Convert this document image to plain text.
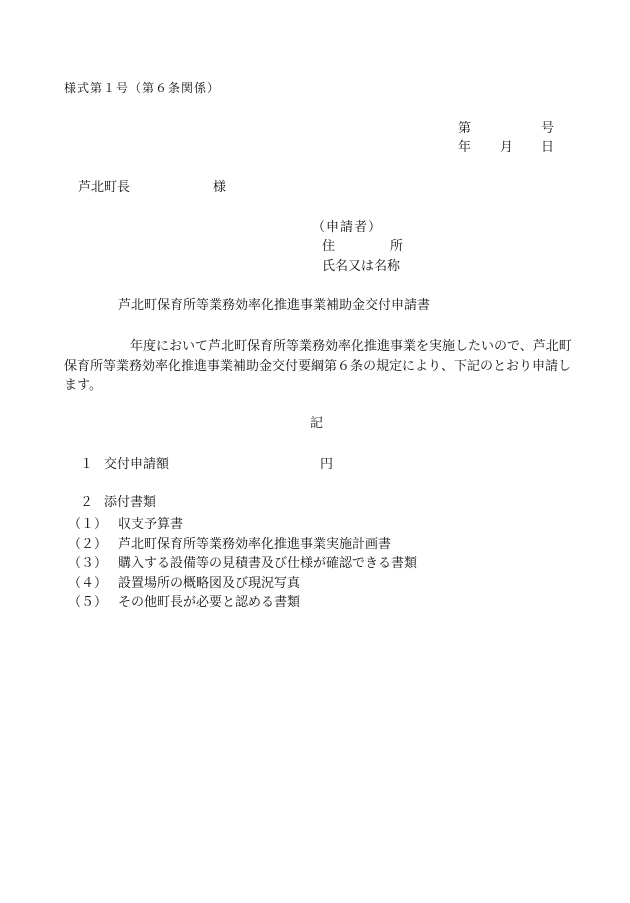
様式第１号（第６条関係）
第	号
年 月 日
芦北町長	様
（申請者）
住	所
氏名又は名称
芦北町保育所等業務効率化推進事業補助金交付申請書
年度において芦北町保育所等業務効率化推進事業を実施したいので、芦北町保育所等業務効率化推進事業補助金交付要綱第６条の規定により、下記のとおり申請します。
記
１ 交付申請額	円
２ 添付書類
（１） 収支予算書
（２） 芦北町保育所等業務効率化推進事業実施計画書
（３） 購入する設備等の見積書及び仕様が確認できる書類
（４） 設置場所の概略図及び現況写真
（５） その他町長が必要と認める書類
